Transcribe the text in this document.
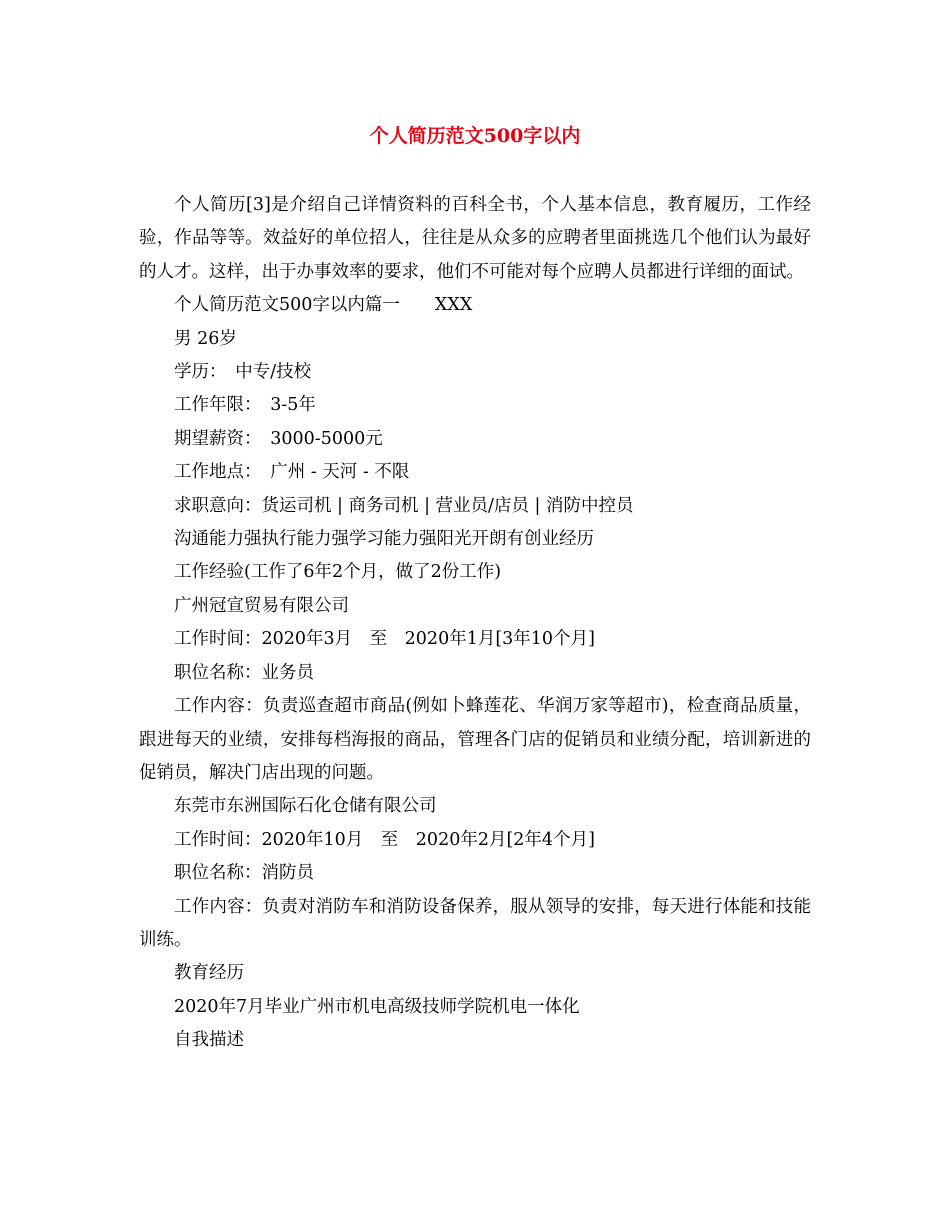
个人简历范文500字以内

个人简历[3]是介绍自己详情资料的百科全书，个人基本信息，教育履历，工作经验，作品等等。效益好的单位招人，往往是从众多的应聘者里面挑选几个他们认为最好的人才。这样，出于办事效率的要求，他们不可能对每个应聘人员都进行详细的面试。

个人简历范文500字以内篇一　　XXX

男 26岁

学历：　中专/技校

工作年限：　3-5年

期望薪资：　3000-5000元

工作地点：　广州 - 天河 - 不限

求职意向：货运司机 | 商务司机 | 营业员/店员 | 消防中控员

沟通能力强执行能力强学习能力强阳光开朗有创业经历

工作经验(工作了6年2个月，做了2份工作)

广州冠宣贸易有限公司

工作时间：2020年3月　至　2020年1月[3年10个月]

职位名称：业务员

工作内容：负责巡查超市商品(例如卜蜂莲花、华润万家等超市)，检查商品质量，跟进每天的业绩，安排每档海报的商品，管理各门店的促销员和业绩分配，培训新进的促销员，解决门店出现的问题。

东莞市东洲国际石化仓储有限公司

工作时间：2020年10月　至　2020年2月[2年4个月]

职位名称：消防员

工作内容：负责对消防车和消防设备保养，服从领导的安排，每天进行体能和技能训练。

教育经历

2020年7月毕业广州市机电高级技师学院机电一体化

自我描述
